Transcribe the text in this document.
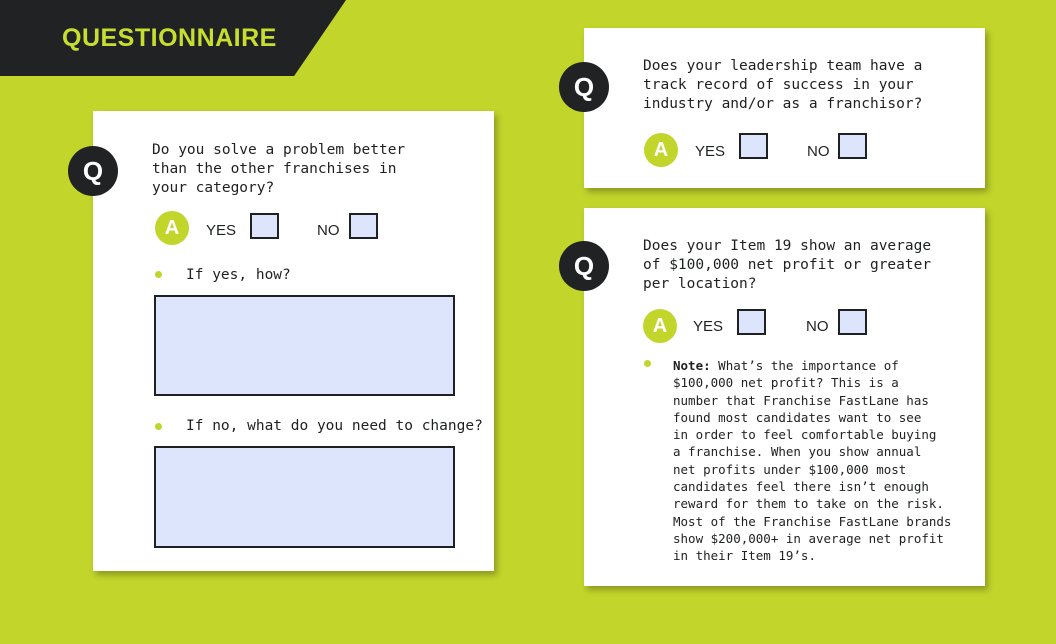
QUESTIONNAIRE
Q
Do you solve a problem better
than the other franchises in
your category?
A YES	NO
If yes, how?
If no, what do you need to change?
Q
Does your leadership team have a
track record of success in your
industry and/or as a franchisor?
A YES	NO
Q
Does your Item 19 show an average
of $100,000 net profit or greater
per location?
A YES	NO
Note: What’s the importance of
$100,000 net profit? This is a
number that Franchise FastLane has
found most candidates want to see
in order to feel comfortable buying
a franchise. When you show annual
net profits under $100,000 most
candidates feel there isn’t enough
reward for them to take on the risk.
Most of the Franchise FastLane brands
show $200,000+ in average net profit
in their Item 19’s.
